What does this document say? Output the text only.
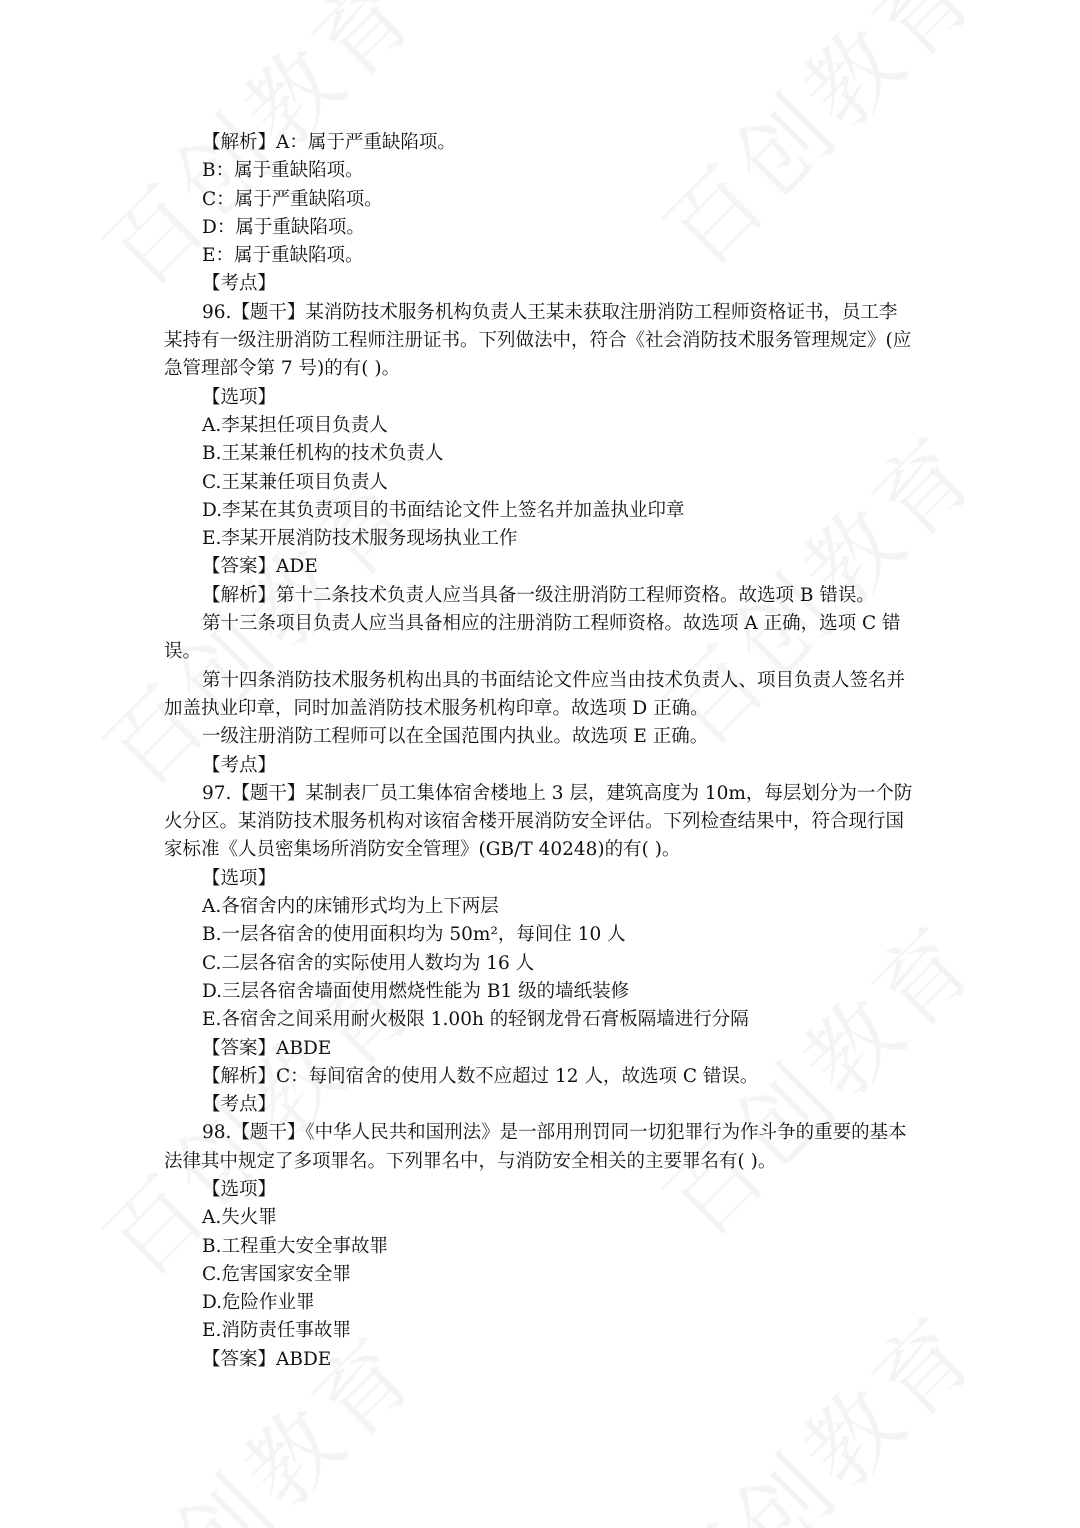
【解析】A：属于严重缺陷项。

B：属于重缺陷项。

C：属于严重缺陷项。

D：属于重缺陷项。

E：属于重缺陷项。

【考点】

96.【题干】某消防技术服务机构负责人王某未获取注册消防工程师资格证书，员工李

某持有一级注册消防工程师注册证书。下列做法中，符合《社会消防技术服务管理规定》(应

急管理部令第 7 号)的有( )。

【选项】

A.李某担任项目负责人

B.王某兼任机构的技术负责人

C.王某兼任项目负责人

D.李某在其负责项目的书面结论文件上签名并加盖执业印章

E.李某开展消防技术服务现场执业工作

【答案】ADE

【解析】第十二条技术负责人应当具备一级注册消防工程师资格。故选项 B 错误。

第十三条项目负责人应当具备相应的注册消防工程师资格。故选项 A 正确，选项 C 错

误。

第十四条消防技术服务机构出具的书面结论文件应当由技术负责人、项目负责人签名并

加盖执业印章，同时加盖消防技术服务机构印章。故选项 D 正确。

一级注册消防工程师可以在全国范围内执业。故选项 E 正确。

【考点】

97.【题干】某制表厂员工集体宿舍楼地上 3 层，建筑高度为 10m，每层划分为一个防

火分区。某消防技术服务机构对该宿舍楼开展消防安全评估。下列检查结果中，符合现行国

家标准《人员密集场所消防安全管理》(GB/T 40248)的有( )。

【选项】

A.各宿舍内的床铺形式均为上下两层

B.一层各宿舍的使用面积均为 50m²，每间住 10 人

C.二层各宿舍的实际使用人数均为 16 人

D.三层各宿舍墙面使用燃烧性能为 B1 级的墙纸装修

E.各宿舍之间采用耐火极限 1.00h 的轻钢龙骨石膏板隔墙进行分隔

【答案】ABDE

【解析】C：每间宿舍的使用人数不应超过 12 人，故选项 C 错误。

【考点】

98.【题干】《中华人民共和国刑法》是一部用刑罚同一切犯罪行为作斗争的重要的基本

法律其中规定了多项罪名。下列罪名中，与消防安全相关的主要罪名有( )。

【选项】

A.失火罪

B.工程重大安全事故罪

C.危害国家安全罪

D.危险作业罪

E.消防责任事故罪

【答案】ABDE
